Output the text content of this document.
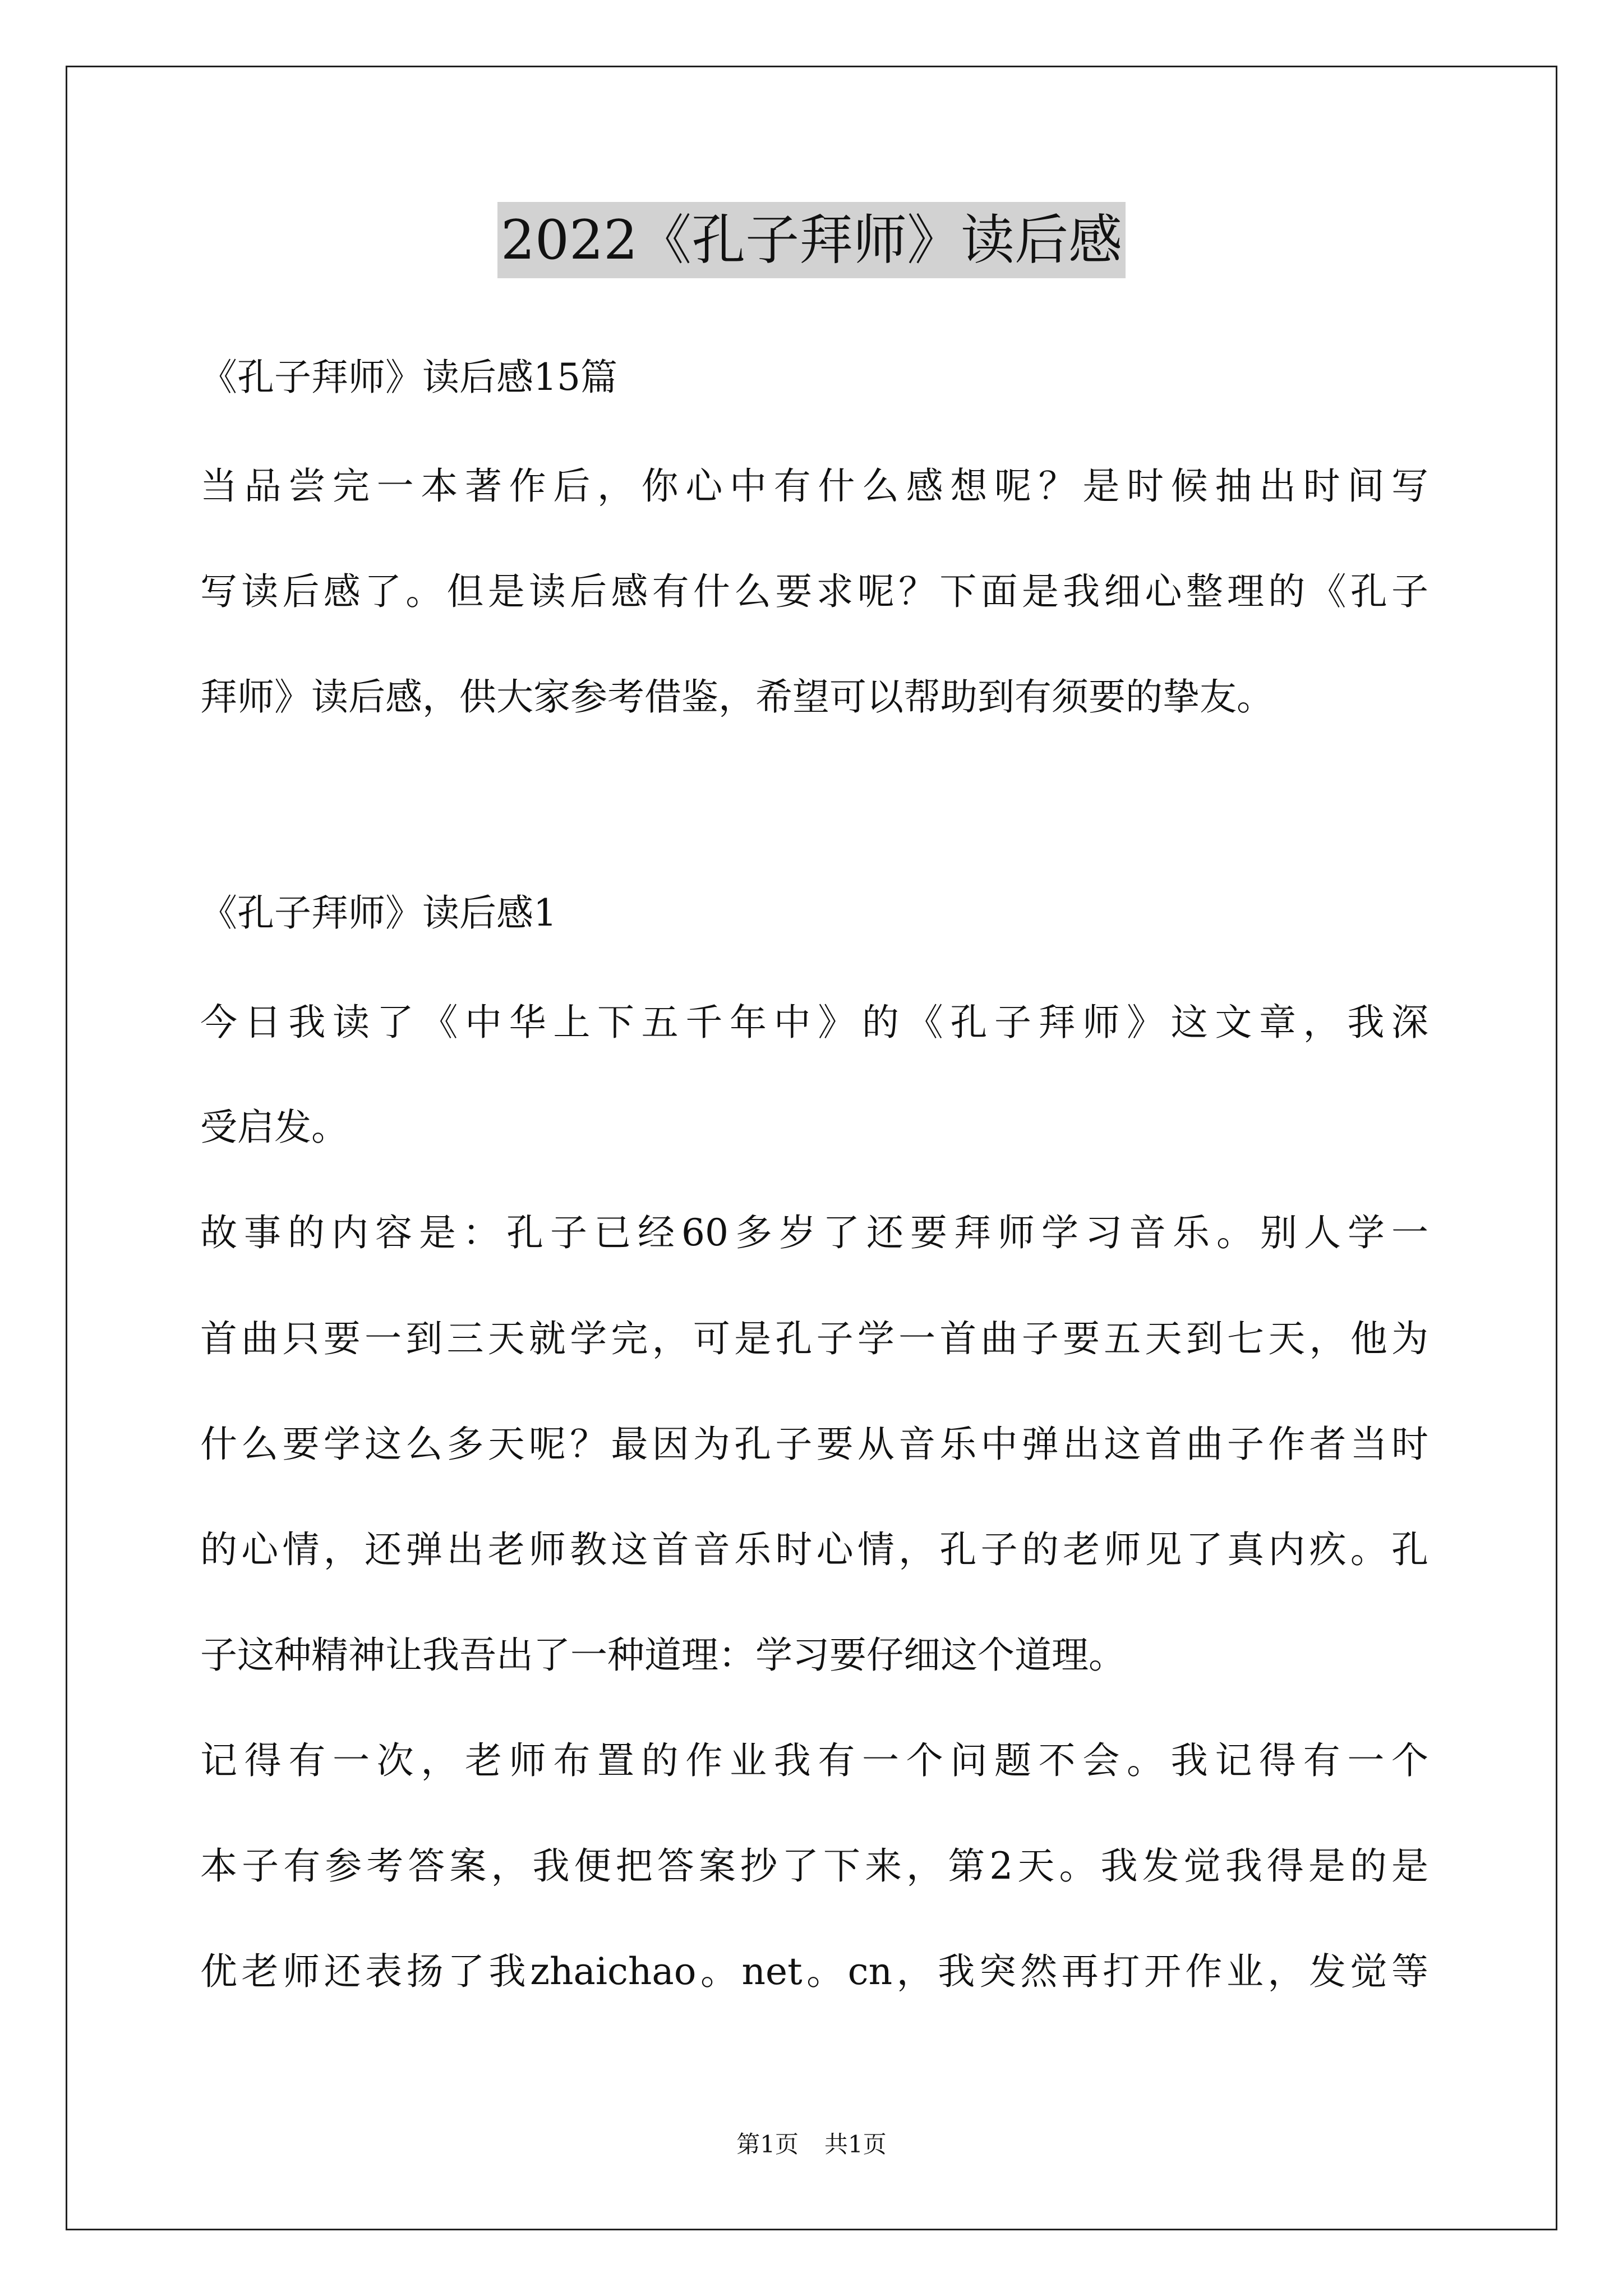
2022《孔子拜师》读后感
《孔子拜师》读后感15篇
当品尝完一本著作后，你心中有什么感想呢？是时候抽出时间写
写读后感了。但是读后感有什么要求呢？下面是我细心整理的《孔子
拜师》读后感，供大家参考借鉴，希望可以帮助到有须要的挚友。
《孔子拜师》读后感1
今日我读了《中华上下五千年中》的《孔子拜师》这文章，我深
受启发。
故事的内容是：孔子已经60多岁了还要拜师学习音乐。别人学一
首曲只要一到三天就学完，可是孔子学一首曲子要五天到七天，他为
什么要学这么多天呢？最因为孔子要从音乐中弹出这首曲子作者当时
的心情，还弹出老师教这首音乐时心情，孔子的老师见了真内疚。孔
子这种精神让我吾出了一种道理：学习要仔细这个道理。
记得有一次，老师布置的作业我有一个问题不会。我记得有一个
本子有参考答案，我便把答案抄了下来，第2天。我发觉我得是的是
优老师还表扬了我zhaichao。net。cn，我突然再打开作业，发觉等
第1页 共1页
